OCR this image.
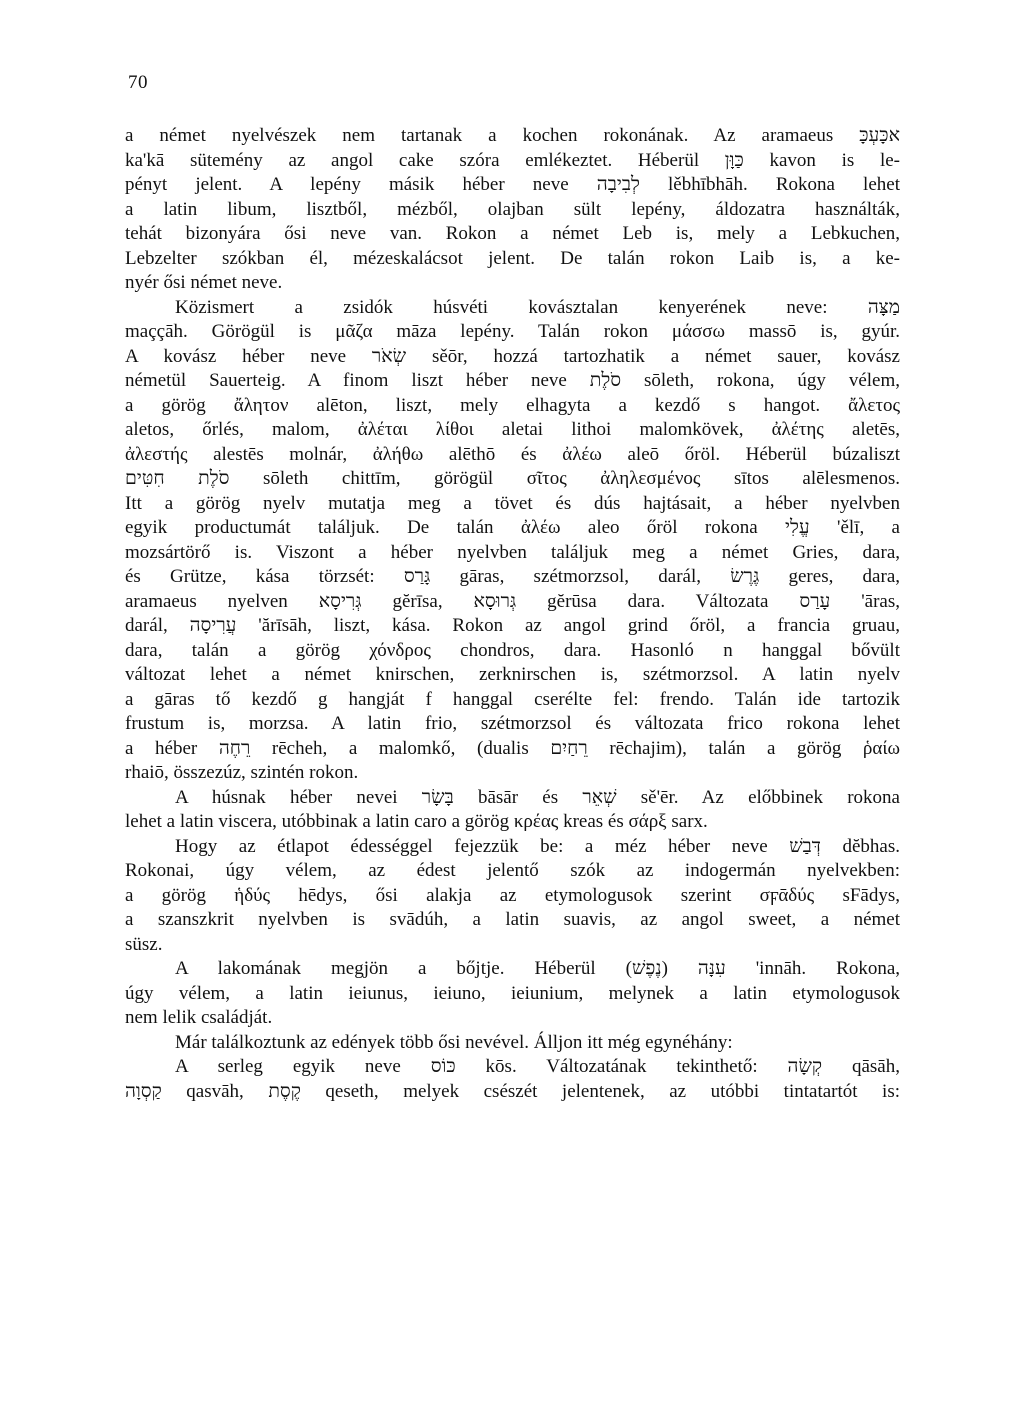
70
a német nyelvészek nem tartanak a kochen rokonának. Az aramaeus אכָּעְכָּ
ka'kā sütemény az angol cake szóra emlékeztet. Héberül כַּוָּן kavon is le-
pényt jelent. A lepény másik héber neve לְבִיבָה lěbhībhāh. Rokona lehet
a latin libum, lisztből, mézből, olajban sült lepény, áldozatra használták,
tehát bizonyára ősi neve van. Rokon a német Leb is, mely a Lebkuchen,
Lebzelter szókban él, mézeskalácsot jelent. De talán rokon Laib is, a ke-
nyér ősi német neve.
Közismert a zsidók húsvéti kovásztalan kenyerének neve: מַצָּה
maççāh. Görögül is μᾶζα māza lepény. Talán rokon μάσσω massō is, gyúr.
A kovász héber neve שְׂאֹר sěōr, hozzá tartozhatik a német sauer, kovász
németül Sauerteig. A finom liszt héber neve סֹלֶת sōleth, rokona, úgy vélem,
a görög ἄλητον alēton, liszt, mely elhagyta a kezdő s hangot. ἄλετος
aletos, őrlés, malom, ἀλέται λίθοι aletai lithoi malomkövek, ἀλέτης aletēs,
ἀλεστής alestēs molnár, ἀλήθω alēthō és ἀλέω aleō őröl. Héberül búzaliszt
סֹלֶת חִטִּים sōleth chittīm, görögül σῖτος ἀληλεσμένος sītos alēlesmenos.
Itt a görög nyelv mutatja meg a tövet és dús hajtásait, a héber nyelvben
egyik productumát találjuk. De talán ἀλέω aleo őröl rokona עֱלִי 'ělī, a
mozsártörő is. Viszont a héber nyelvben találjuk meg a német Gries, dara,
és Grütze, kása törzsét: גָּרַס gāras, szétmorzsol, darál, גֶּרֶשׂ geres, dara,
aramaeus nyelven גְּרִיסָא gĕrīsa, גְּרוּסָא gĕrūsa dara. Változata עָרַס 'āras,
darál, עֲרִיסָה 'ărīsāh, liszt, kása. Rokon az angol grind őröl, a francia gruau,
dara, talán a görög χόνδρος chondros, dara. Hasonló n hanggal bővült
változat lehet a német knirschen, zerknirschen is, szétmorzsol. A latin nyelv
a gāras tő kezdő g hangját f hanggal cserélte fel: frendo. Talán ide tartozik
frustum is, morzsa. A latin frio, szétmorzsol és változata frico rokona lehet
a héber רֵחֶה rēcheh, a malomkő, (dualis רֵחַיִם rēchajim), talán a görög ῥαίω
rhaiō, összezúz, szintén rokon.
A húsnak héber nevei בָּשָׂר bāsār és שְׁאֵר sě'ēr. Az előbbinek rokona
lehet a latin viscera, utóbbinak a latin caro a görög κρέας kreas és σάρξ sarx.
Hogy az étlapot édességgel fejezzük be: a méz héber neve דְּבַשׁ dĕbhas.
Rokonai, úgy vélem, az édest jelentő szók az indogermán nyelvekben:
a görög ἡδύς hēdys, ősi alakja az etymologusok szerint σϝᾱδύς sFādys,
a szanszkrit nyelvben is svādúh, a latin suavis, az angol sweet, a német
süsz.
A lakomának megjön a bőjtje. Héberül (נֶפֶשׁ) עִנָּה 'innāh. Rokona,
úgy vélem, a latin ieiunus, ieiuno, ieiunium, melynek a latin etymologusok
nem lelik családját.
Már találkoztunk az edények több ősi nevével. Álljon itt még egynéhány:
A serleg egyik neve כּוֹס kōs. Változatának tekinthető: קְשָׂה qāsāh,
קַסְוָה qasvāh, קֶסֶת qeseth, melyek csészét jelentenek, az utóbbi tintatartót is:
